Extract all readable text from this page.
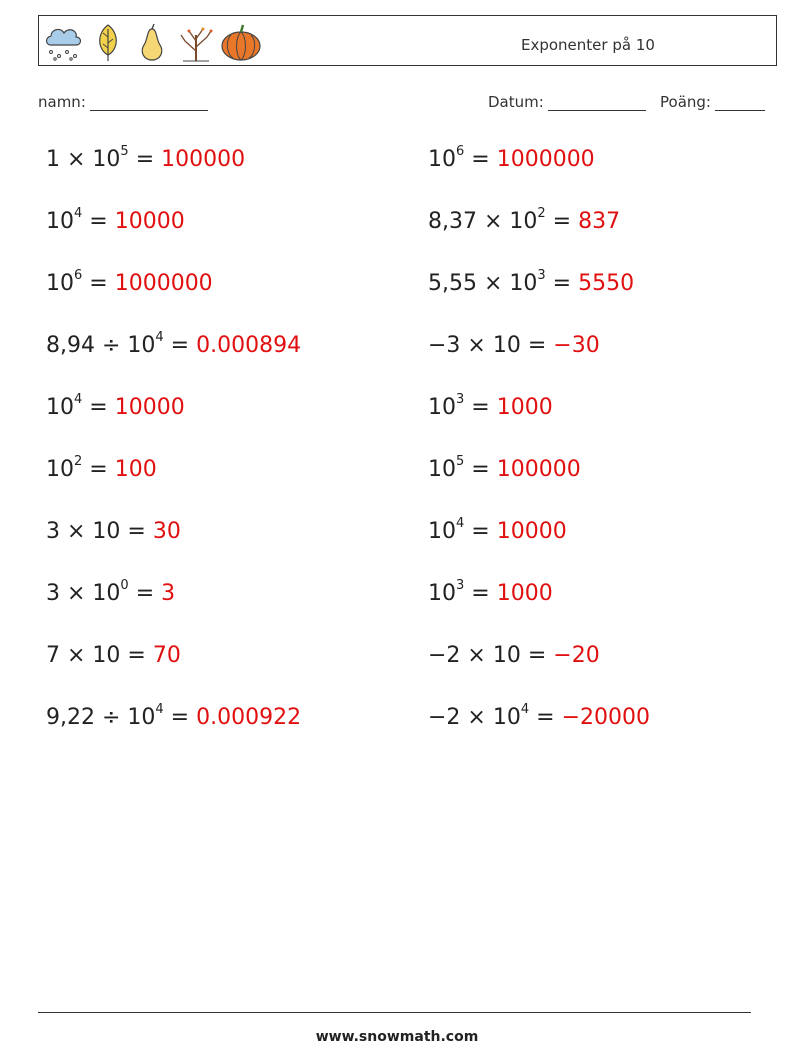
Exponenter på 10
namn:	Datum:	Poäng:
$1 \times 10^5 = 100000$
$10^4 = 10000$
$10^6 = 1000000$
$8,94 \div 10^4 = 0.000894$
$10^4 = 10000$
$10^2 = 100$
3 × 10 = 30
$3 \times 10^0 = 3$
7 × 10 = 70
$9,22 \div 10^4 = 0.000922$
$10^6 = 1000000$
$8,37 \times 10^2 = 837$
$5,55 \times 10^3 = 5550$
−3 × 10 = −30
$10^3 = 1000$
$10^5 = 100000$
$10^4 = 10000$
$10^3 = 1000$
−2 × 10 = −20
$-2 \times 10^4 = -20000$
www.snowmath.com
